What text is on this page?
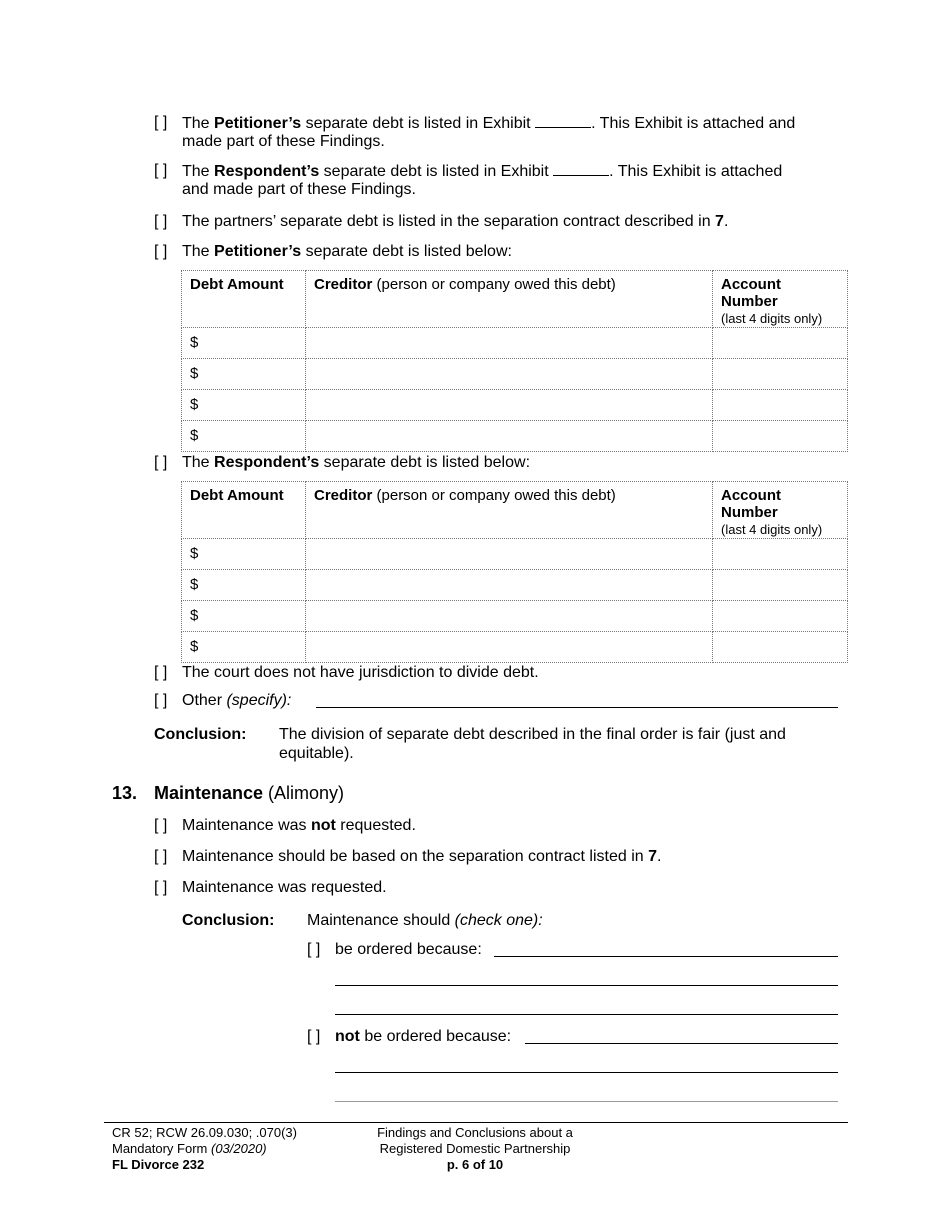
[ ] The Petitioner’s separate debt is listed in Exhibit	. This Exhibit is attached and
made part of these Findings.
[ ] The Respondent’s separate debt is listed in Exhibit	. This Exhibit is attached
and made part of these Findings.
[ ] The partners’ separate debt is listed in the separation contract described in 7.
[ ] The Petitioner’s separate debt is listed below:
Debt Amount	Creditor (person or company owed this debt)	Account Number
(last 4 digits only)
$		
$		
$		
$		
[ ] The Respondent’s separate debt is listed below:
Debt Amount	Creditor (person or company owed this debt)	Account Number
(last 4 digits only)
$		
$		
$		
$		
[ ] The court does not have jurisdiction to divide debt.
[ ] Other (specify):
Conclusion: The division of separate debt described in the final order is fair (just and
equitable).
13. Maintenance (Alimony)
[ ] Maintenance was not requested.
[ ] Maintenance should be based on the separation contract listed in 7.
[ ] Maintenance was requested.
Conclusion: Maintenance should (check one):
[ ] be ordered because:
[ ] not be ordered because:
CR 52; RCW 26.09.030; .070(3)
Mandatory Form (03/2020)
FL Divorce 232
Findings and Conclusions about a
Registered Domestic Partnership
p. 6 of 10
